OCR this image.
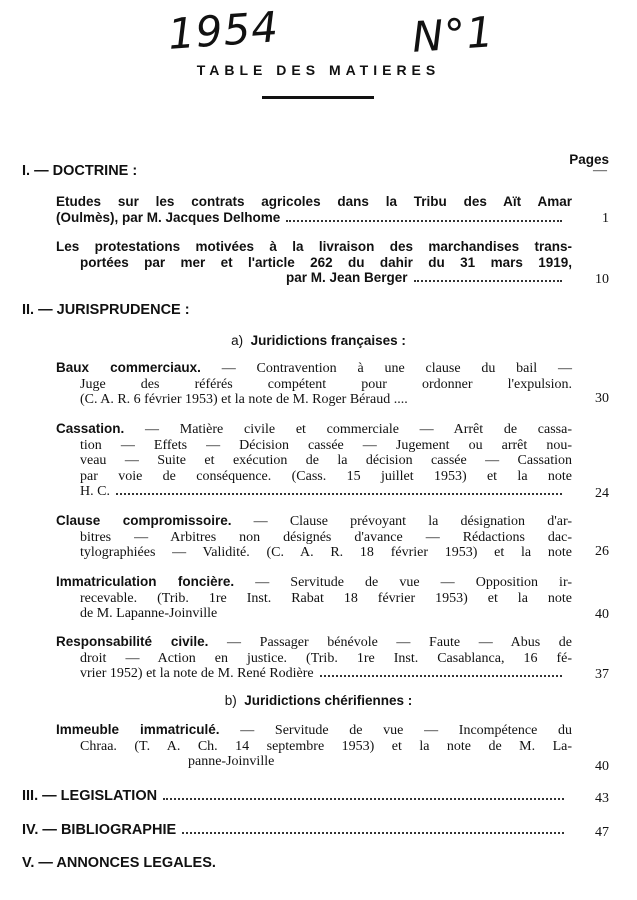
1954	N°1
TABLE DES MATIERES
Pages
—
I. — DOCTRINE :

Etudes sur les contrats agricoles dans la Tribu des Aït Amar

(Oulmès), par M. Jacques Delhome	1

Les protestations motivées à la livraison des marchandises trans-

portées par mer et l'article 262 du dahir du 31 mars 1919,

par M. Jean Berger	10
II. — JURISPRUDENCE :
a) Juridictions françaises :

Baux commerciaux. — Contravention à une clause du bail —

Juge des référés compétent pour ordonner l'expulsion.

(C. A. R. 6 février 1953) et la note de M. Roger Béraud ....	30

Cassation. — Matière civile et commerciale — Arrêt de cassa-

tion — Effets — Décision cassée — Jugement ou arrêt nou-

veau — Suite et exécution de la décision cassée — Cassation

par voie de conséquence. (Cass. 15 juillet 1953) et la note

H. C.	24

Clause compromissoire. — Clause prévoyant la désignation d'ar-

bitres — Arbitres non désignés d'avance — Rédactions dac-

tylographiées — Validité. (C. A. R. 18 février 1953) et la note 26

Immatriculation foncière. — Servitude de vue — Opposition ir-

recevable. (Trib. 1re Inst. Rabat 18 février 1953) et la note

de M. Lapanne-Joinville	40

Responsabilité civile. — Passager bénévole — Faute — Abus de

droit — Action en justice. (Trib. 1re Inst. Casablanca, 16 fé-

vrier 1952) et la note de M. René Rodière	37
b) Juridictions chérifiennes :

Immeuble immatriculé. — Servitude de vue — Incompétence du

Chraa. (T. A. Ch. 14 septembre 1953) et la note de M. La-

panne-Joinville	40
III. — LEGISLATION	43
IV. — BIBLIOGRAPHIE	47
V. — ANNONCES LEGALES.
